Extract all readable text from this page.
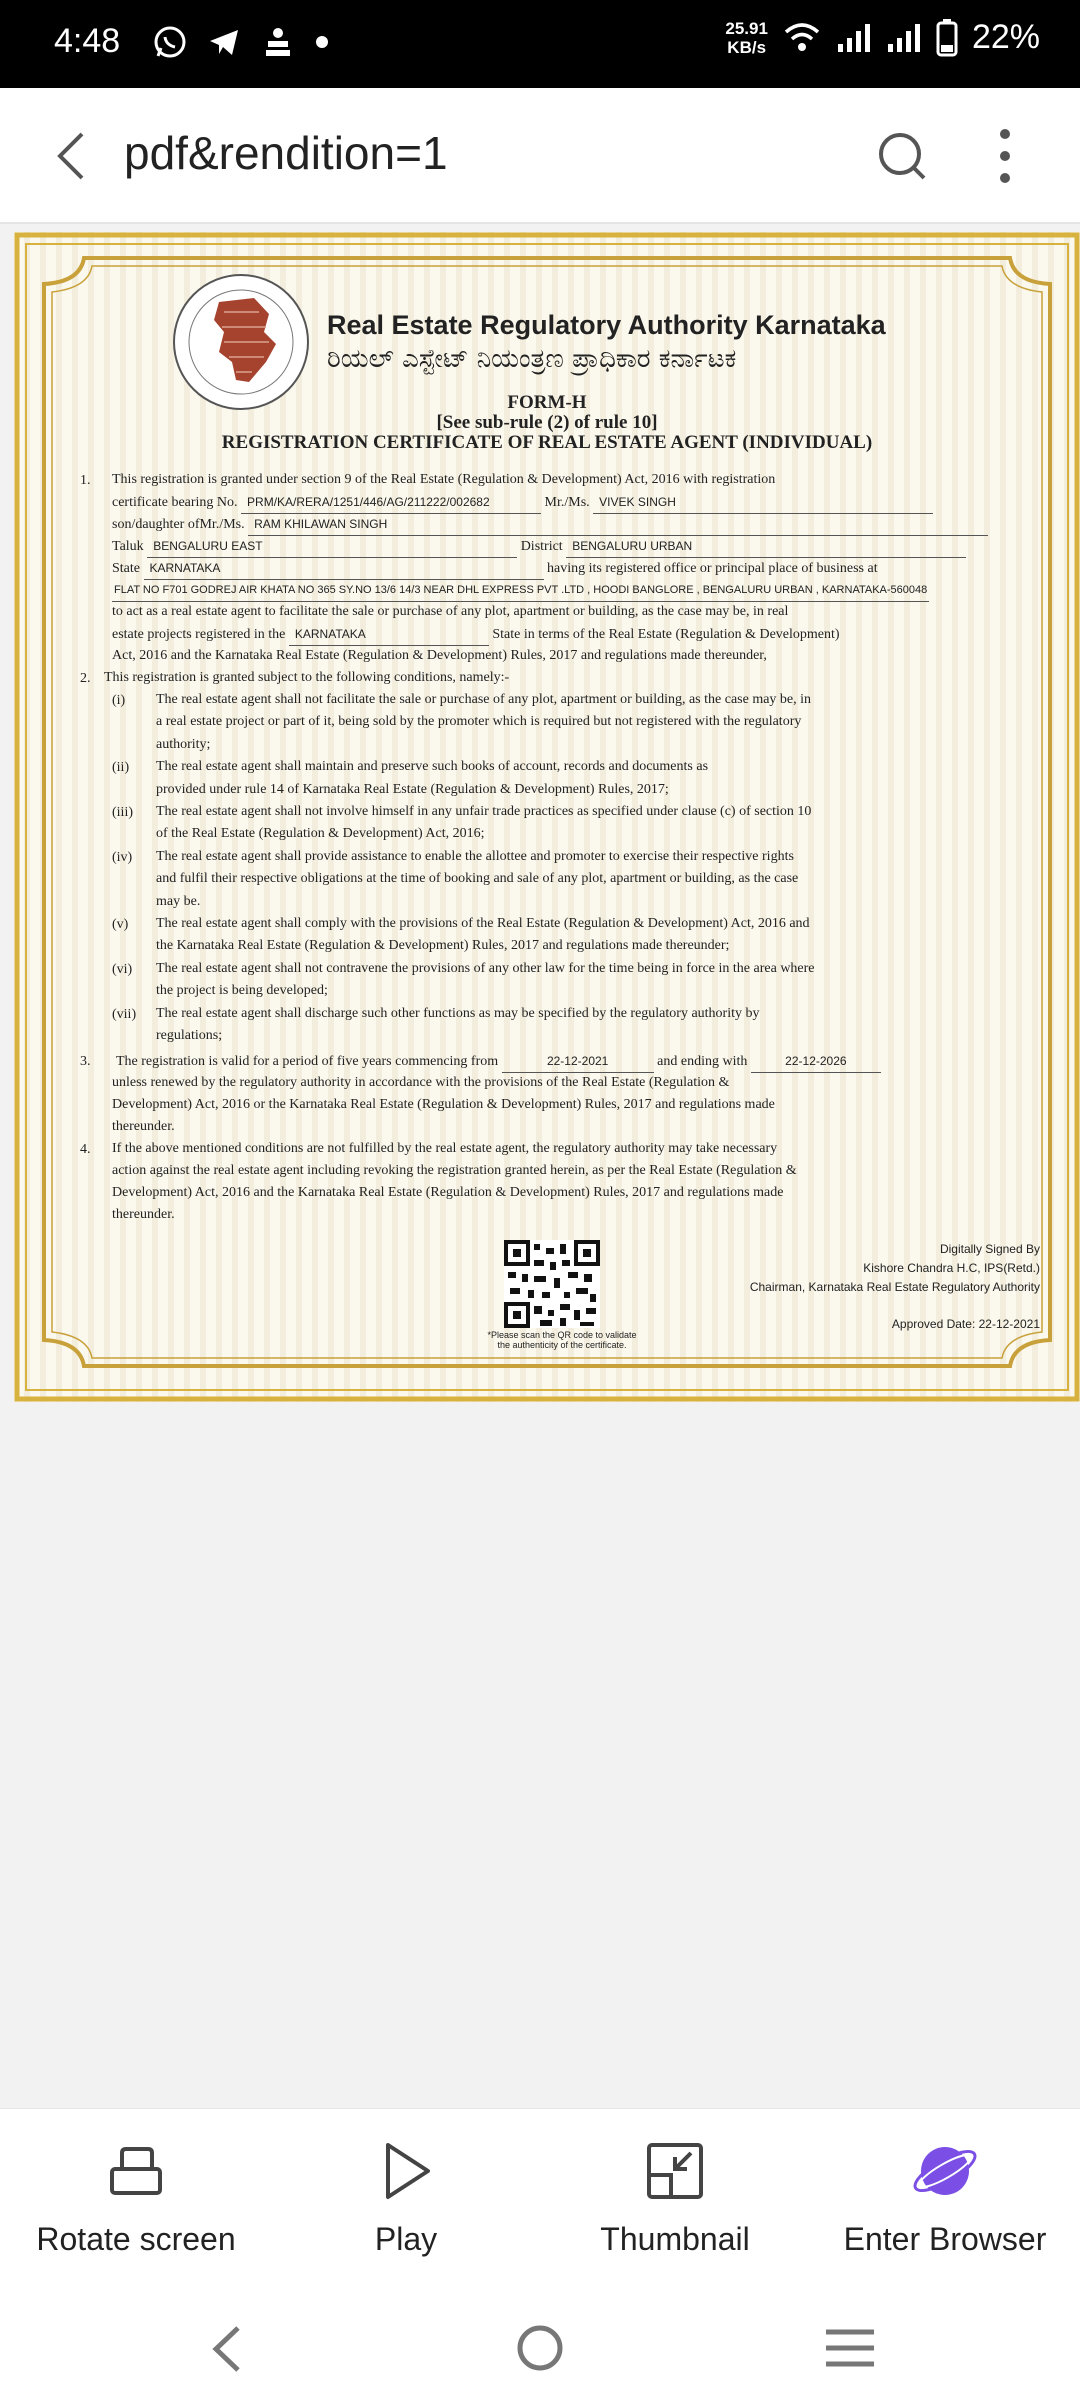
4:48	25.91
KB/s	22%
pdf&rendition=1
Real Estate Regulatory Authority Karnataka
ರಿಯಲ್ ಎಸ್ಟೇಟ್ ನಿಯಂತ್ರಣ ಪ್ರಾಧಿಕಾರ ಕರ್ನಾಟಕ
FORM-H
[See sub-rule (2) of rule 10]
REGISTRATION CERTIFICATE OF REAL ESTATE AGENT (INDIVIDUAL)
1. This registration is granted under section 9 of the Real Estate (Regulation & Development) Act, 2016 with registration
certificate bearing No. PRM/KA/RERA/1251/446/AG/211222/002682	Mr./Ms. VIVEK SINGH
son/daughter ofMr./Ms. RAM KHILAWAN SINGH
Taluk BENGALURU EAST	District BENGALURU URBAN
State KARNATAKA	having its registered office or principal place of business at
FLAT NO F701 GODREJ AIR KHATA NO 365 SY.NO 13/6 14/3 NEAR DHL EXPRESS PVT .LTD , HOODI BANGLORE , BENGALURU URBAN , KARNATAKA-560048
to act as a real estate agent to facilitate the sale or purchase of any plot, apartment or building, as the case may be, in real
estate projects registered in the KARNATAKA	State in terms of the Real Estate (Regulation & Development)
Act, 2016 and the Karnataka Real Estate (Regulation & Development) Rules, 2017 and regulations made thereunder,
2. This registration is granted subject to the following conditions, namely:-
(i) The real estate agent shall not facilitate the sale or purchase of any plot, apartment or building, as the case may be, in
a real estate project or part of it, being sold by the promoter which is required but not registered with the regulatory
authority;
(ii) The real estate agent shall maintain and preserve such books of account, records and documents as
provided under rule 14 of Karnataka Real Estate (Regulation & Development) Rules, 2017;
(iii) The real estate agent shall not involve himself in any unfair trade practices as specified under clause (c) of section 10
of the Real Estate (Regulation & Development) Act, 2016;
(iv) The real estate agent shall provide assistance to enable the allottee and promoter to exercise their respective rights
and fulfil their respective obligations at the time of booking and sale of any plot, apartment or building, as the case
may be.
(v) The real estate agent shall comply with the provisions of the Real Estate (Regulation & Development) Act, 2016 and
the Karnataka Real Estate (Regulation & Development) Rules, 2017 and regulations made thereunder;
(vi) The real estate agent shall not contravene the provisions of any other law for the time being in force in the area where
the project is being developed;
(vii) The real estate agent shall discharge such other functions as may be specified by the regulatory authority by
regulations;
3. The registration is valid for a period of five years commencing from	22-12-2021	and ending with	22-12-2026
unless renewed by the regulatory authority in accordance with the provisions of the Real Estate (Regulation &
Development) Act, 2016 or the Karnataka Real Estate (Regulation & Development) Rules, 2017 and regulations made
thereunder.
4. If the above mentioned conditions are not fulfilled by the real estate agent, the regulatory authority may take necessary
action against the real estate agent including revoking the registration granted herein, as per the Real Estate (Regulation &
Development) Act, 2016 and the Karnataka Real Estate (Regulation & Development) Rules, 2017 and regulations made
thereunder.
Digitally Signed By
Kishore Chandra H.C, IPS(Retd.)
Chairman, Karnataka Real Estate Regulatory Authority
Approved Date: 22-12-2021
*Please scan the QR code to validate
the authenticity of the certificate.
Rotate screen	Play	Thumbnail	Enter Browser
